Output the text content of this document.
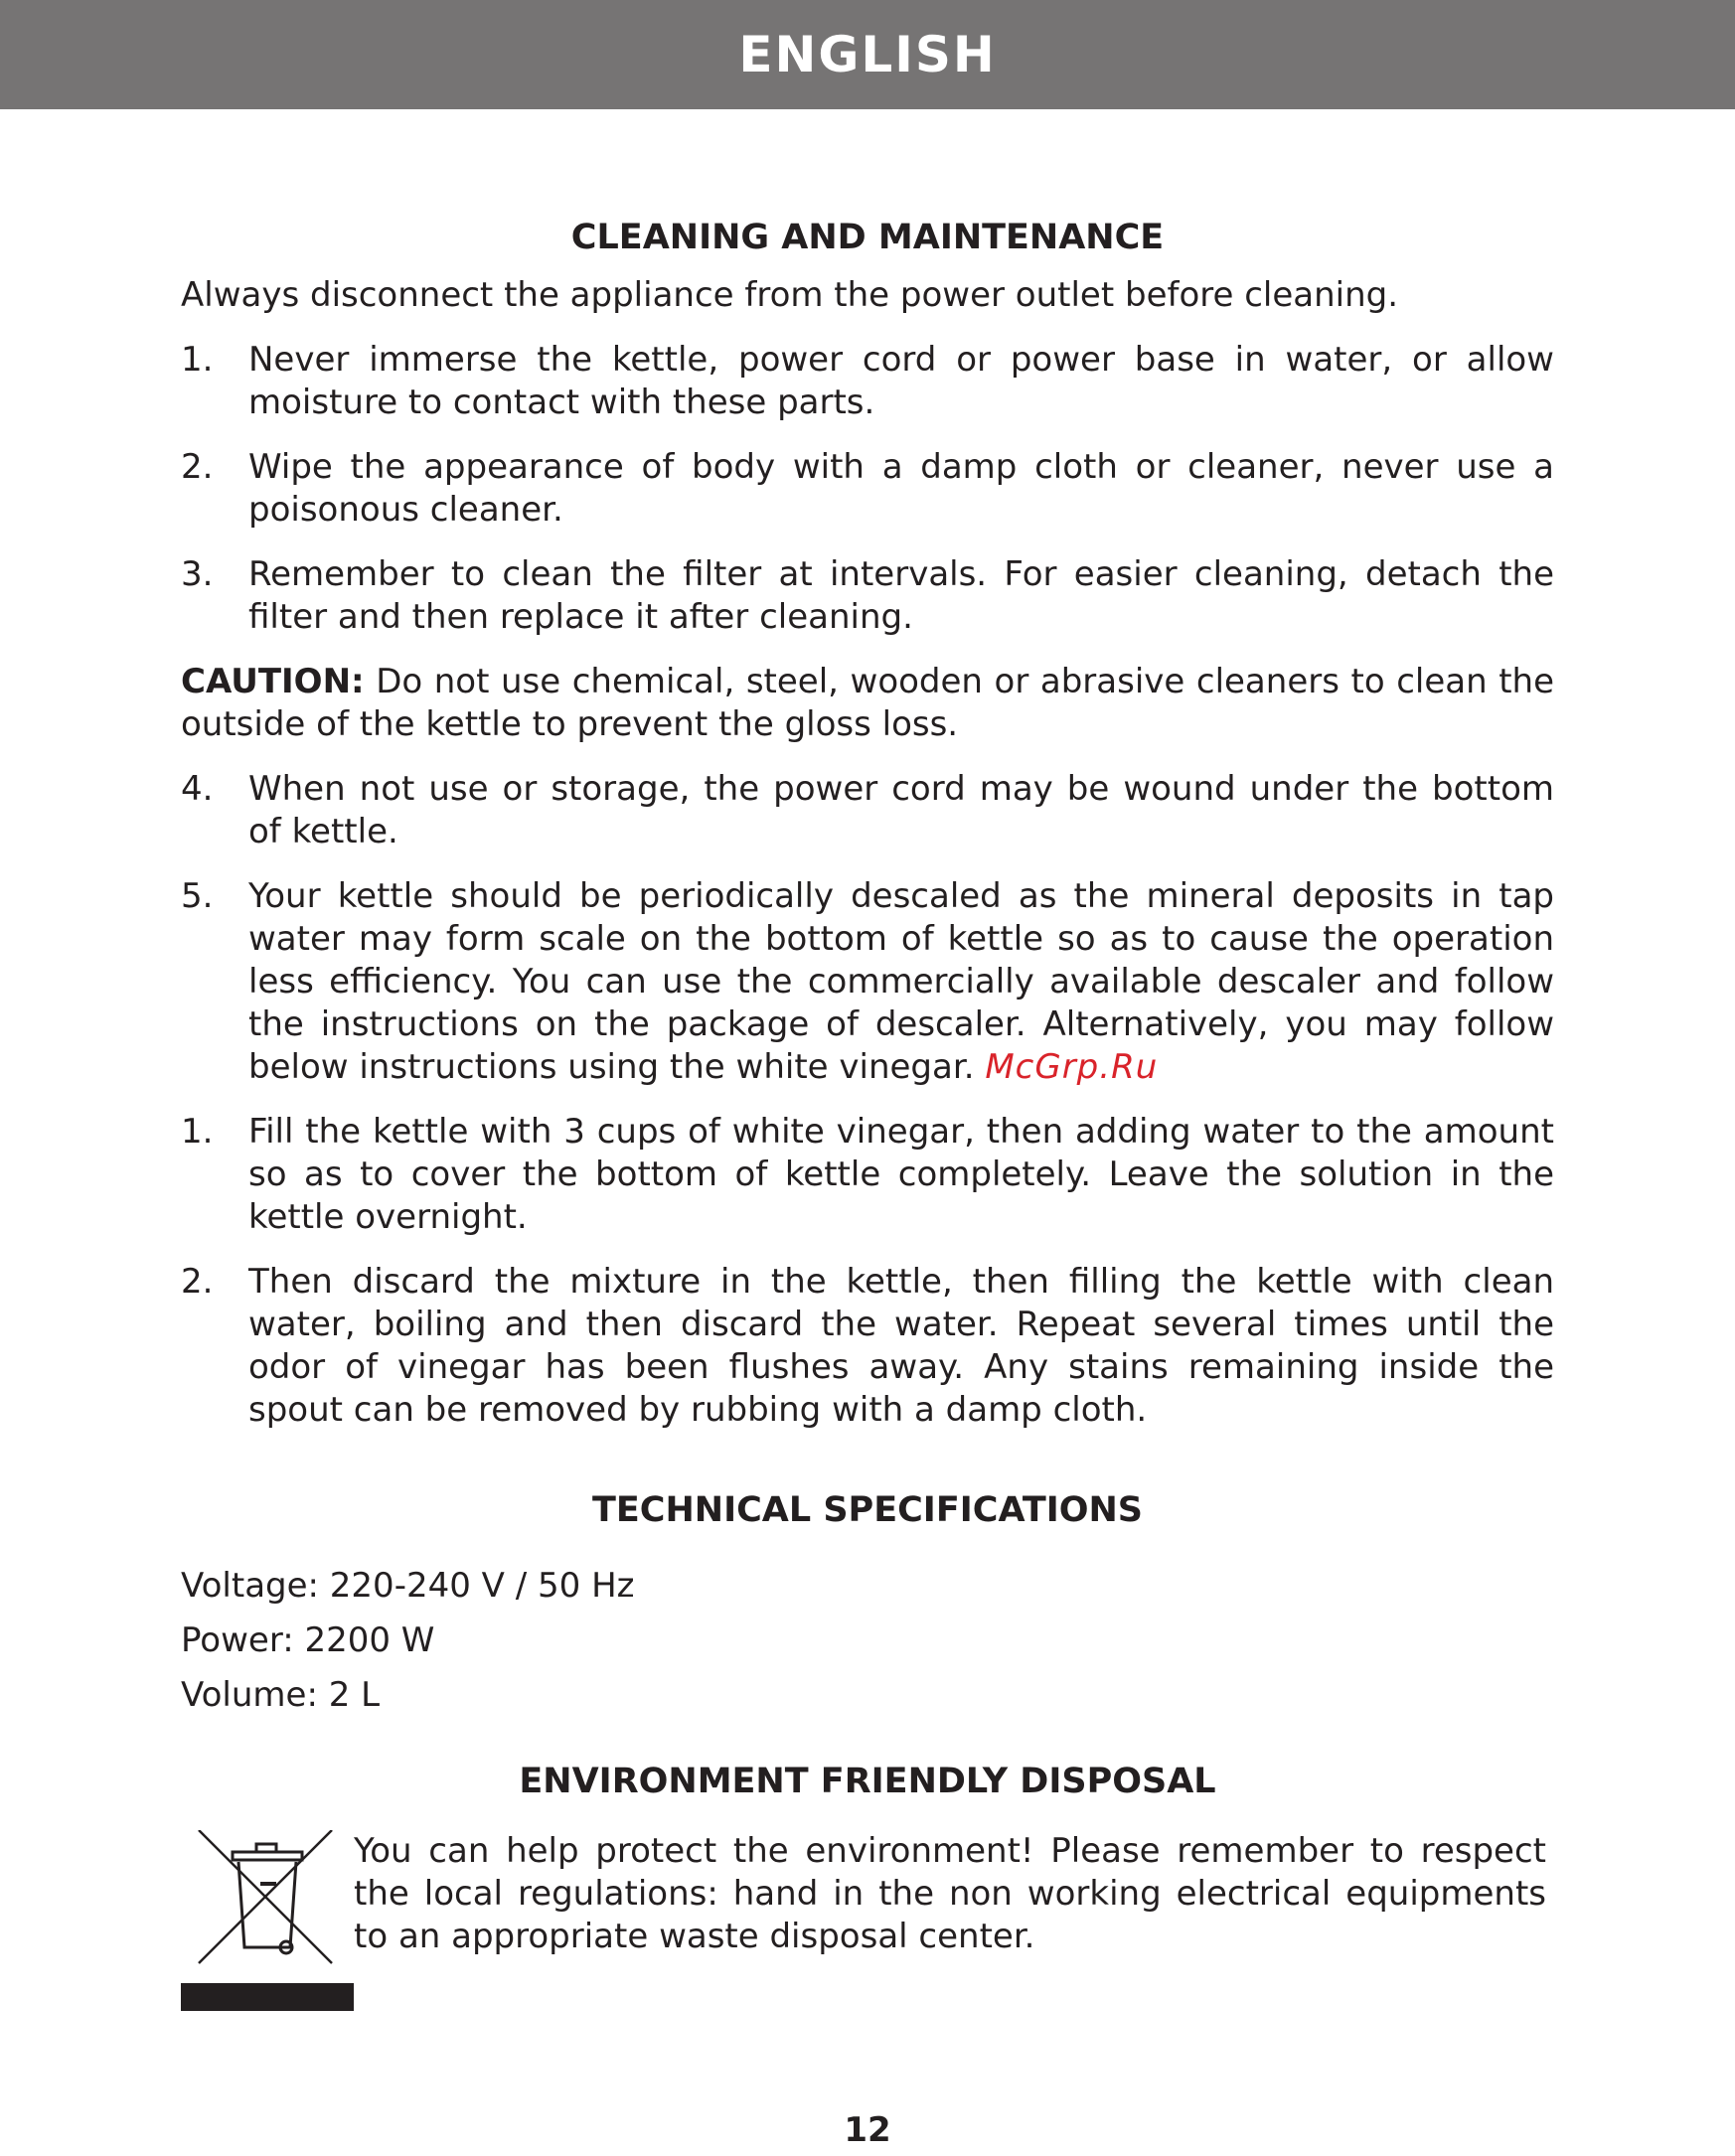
ENGLISH

CLEANING AND MAINTENANCE

Always disconnect the appliance from the power outlet before cleaning.

1.	Never immerse the kettle, power cord or power base in water, or allow moisture to contact with these parts.
2.	Wipe the appearance of body with a damp cloth or cleaner, never use a poisonous cleaner.
3.	Remember to clean the filter at intervals. For easier cleaning, detach the filter and then replace it after cleaning.

CAUTION: Do not use chemical, steel, wooden or abrasive cleaners to clean the outside of the kettle to prevent the gloss loss.

4.	When not use or storage, the power cord may be wound under the bottom of kettle.
5.	Your kettle should be periodically descaled as the mineral deposits in tap water may form scale on the bottom of kettle so as to cause the operation less efficiency. You can use the commercially available descaler and follow the instructions on the package of descaler. Alternatively, you may follow below instructions using the white vinegar. McGrp.Ru
1.	Fill the kettle with 3 cups of white vinegar, then adding water to the amount so as to cover the bottom of kettle completely. Leave the solution in the kettle overnight.
2.	Then discard the mixture in the kettle, then filling the kettle with clean water, boiling and then discard the water. Repeat several times until the odor of vinegar has been flushes away. Any stains remaining inside the spout can be removed by rubbing with a damp cloth.

TECHNICAL SPECIFICATIONS

Voltage: 220-240 V / 50 Hz

Power: 2200 W

Volume: 2 L

ENVIRONMENT FRIENDLY DISPOSAL

You can help protect the environment! Please remember to respect the local regulations: hand in the non working electrical equipments to an appropriate waste disposal center.

12
